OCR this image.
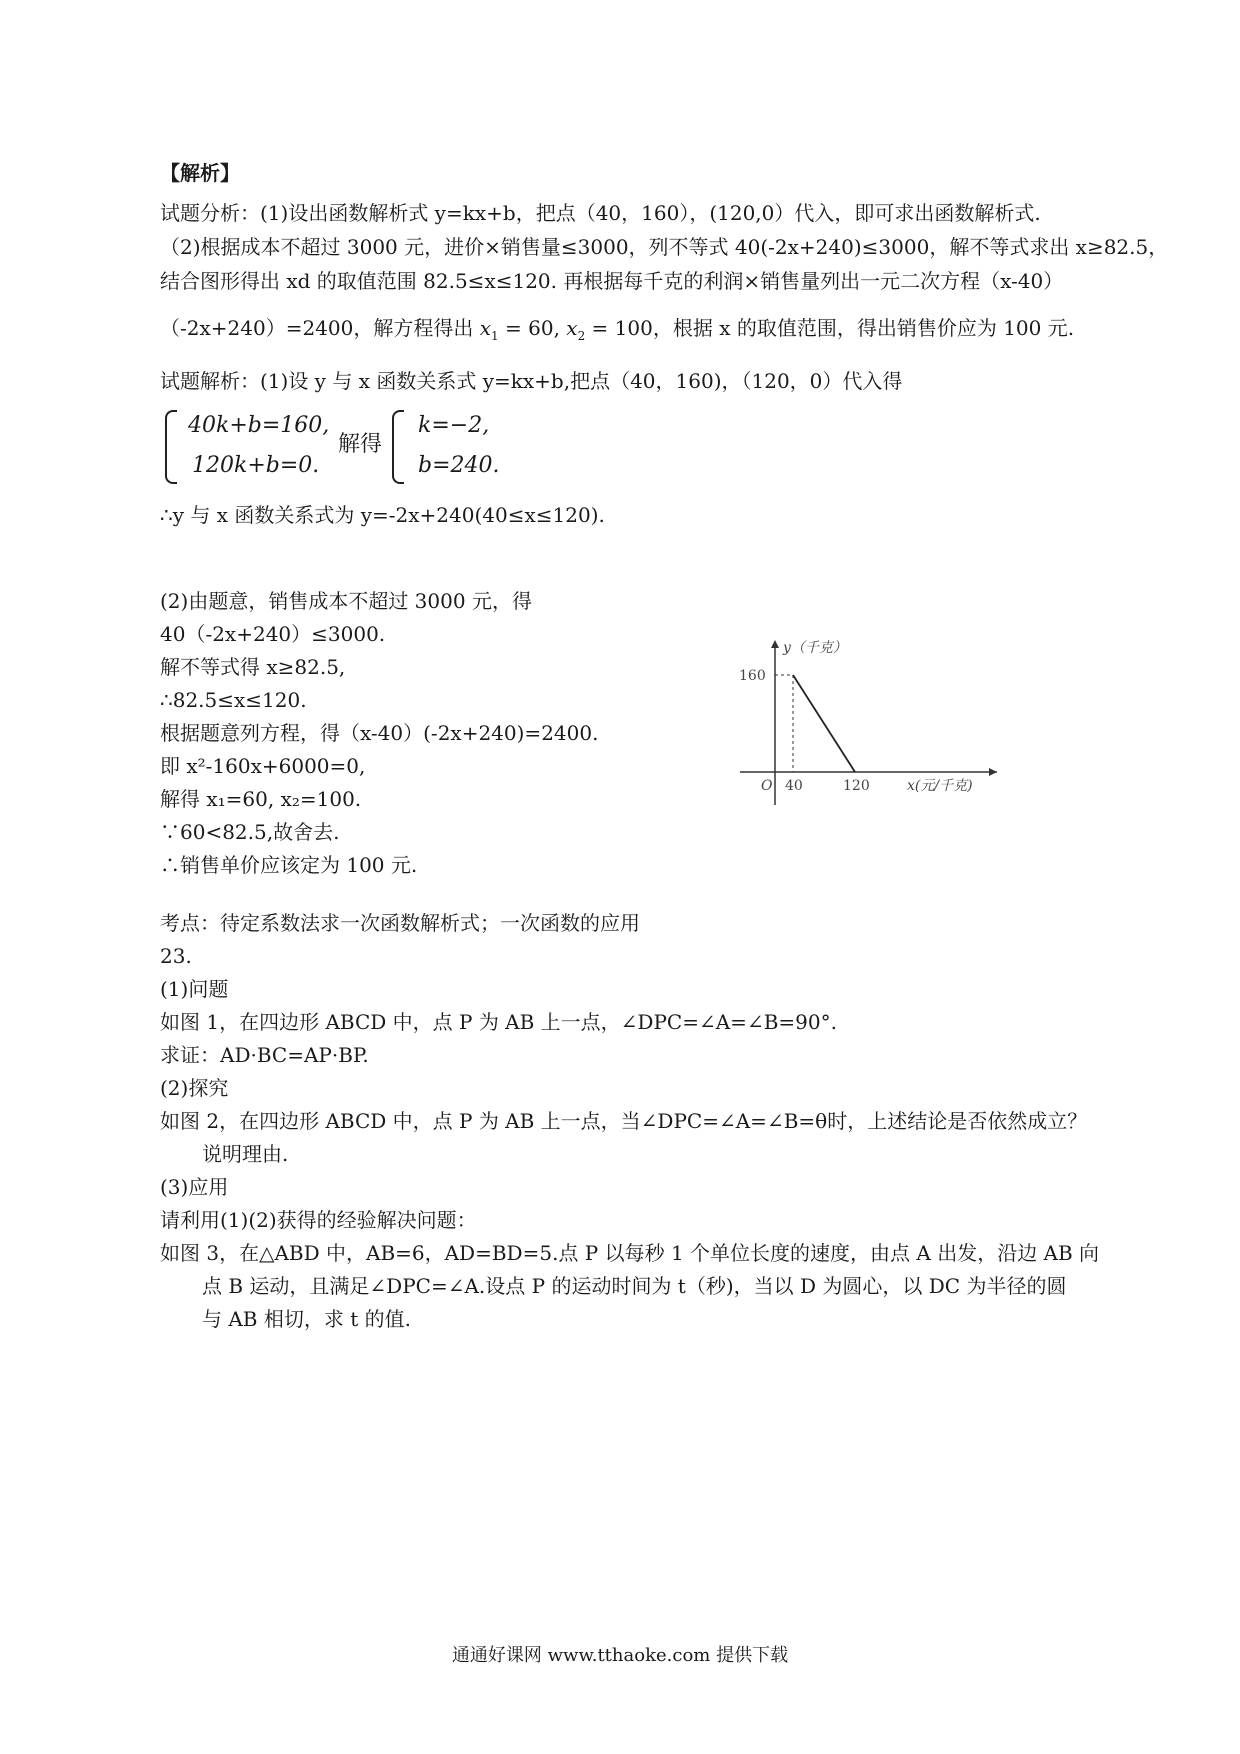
【解析】
试题分析：(1)设出函数解析式 y=kx+b，把点（40，160），(120,0）代入，即可求出函数解析式.
（2)根据成本不超过 3000 元，进价×销售量≤3000，列不等式 40(-2x+240)≤3000，解不等式求出 x≥82.5，
结合图形得出 xd 的取值范围 82.5≤x≤120. 再根据每千克的利润×销售量列出一元二次方程（x-40）
（-2x+240）=2400，解方程得出 $x_1 = 60$, $x_2 = 100$，根据 x 的取值范围，得出销售价应为 100 元.
试题解析：(1)设 y 与 x 函数关系式 y=kx+b,把点（40，160)，（120，0）代入得
40k+b=160,
120k+b=0.
解得
k=−2,
b=240.
∴y 与 x 函数关系式为 y=-2x+240(40≤x≤120).
(2)由题意，销售成本不超过 3000 元，得
40（-2x+240）≤3000.
解不等式得 x≥82.5,
∴82.5≤x≤120.
根据题意列方程，得（x-40）(-2x+240)=2400.
即 x²-160x+6000=0,
解得 x₁=60, x₂=100.
∵60<82.5,故舍去.
∴销售单价应该定为 100 元.
y（千克）
160
O 40	120	x(元/千克)
考点：待定系数法求一次函数解析式；一次函数的应用
23.
(1)问题
如图 1，在四边形 ABCD 中，点 P 为 AB 上一点，∠DPC=∠A=∠B=90°.
求证：AD·BC=AP·BP.
(2)探究
如图 2，在四边形 ABCD 中，点 P 为 AB 上一点，当∠DPC=∠A=∠B=θ时，上述结论是否依然成立？
说明理由.
(3)应用
请利用(1)(2)获得的经验解决问题：
如图 3，在△ABD 中，AB=6，AD=BD=5.点 P 以每秒 1 个单位长度的速度，由点 A 出发，沿边 AB 向
点 B 运动，且满足∠DPC=∠A.设点 P 的运动时间为 t（秒)，当以 D 为圆心，以 DC 为半径的圆
与 AB 相切，求 t 的值.
通通好课网 www.tthaoke.com 提供下载
